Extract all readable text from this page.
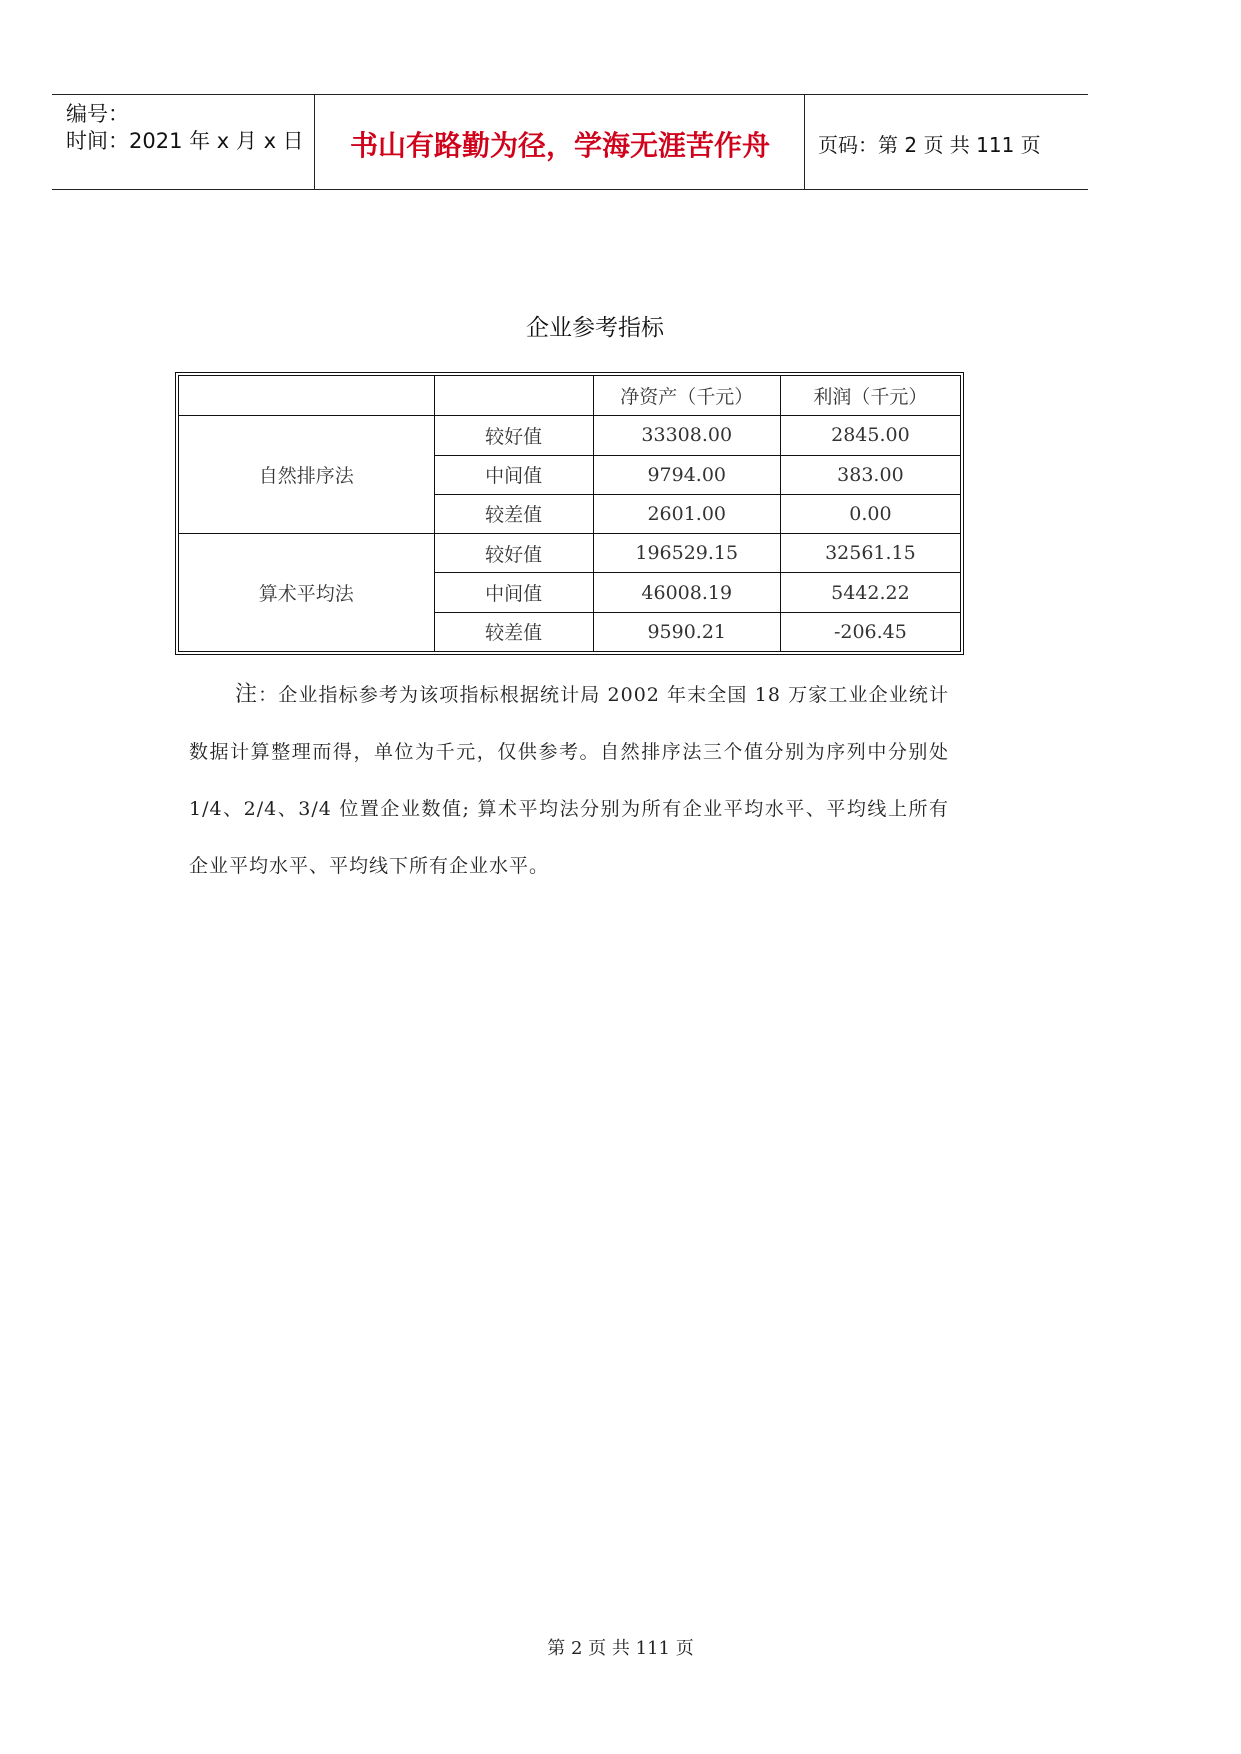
编号：
时间：2021 年 x 月 x 日	书山有路勤为径，学海无涯苦作舟	页码：第 2 页 共 111 页
企业参考指标
		净资产（千元）	利润（千元）
自然排序法	较好值	33308.00	2845.00
	中间值	9794.00	383.00
	较差值	2601.00	0.00
算术平均法	较好值	196529.15	32561.15
	中间值	46008.19	5442.22
	较差值	9590.21	-206.45
注：企业指标参考为该项指标根据统计局 2002 年末全国 18 万家工业企业统计数据计算整理而得，单位为千元，仅供参考。自然排序法三个值分别为序列中分别处 1/4、2/4、3/4 位置企业数值; 算术平均法分别为所有企业平均水平、平均线上所有企业平均水平、平均线下所有企业水平。
第 2 页 共 111 页
